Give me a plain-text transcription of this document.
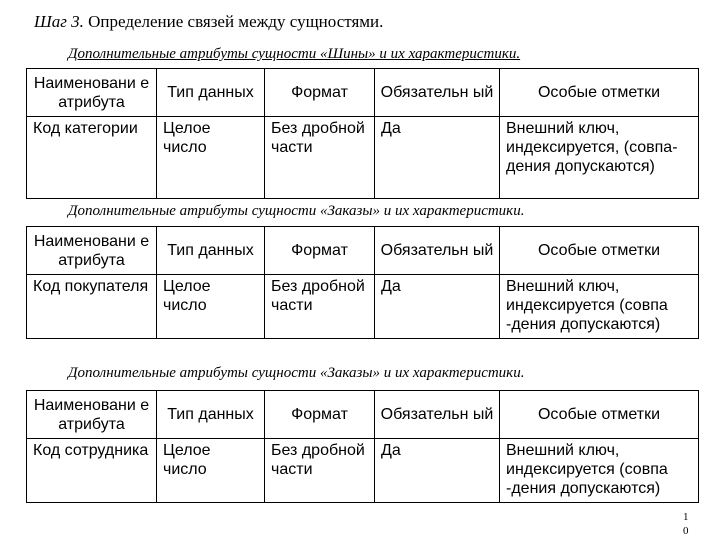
Шаг 3. Определение связей между сущностями.
Дополнительные атрибуты сущности «Шины» и их характеристики.
Наименовани е атрибута	Тип данных	Формат	Обязательн ый	Особые отметки
Код категории	Целое число	Без дробной части	Да	Внешний ключ, индексируется, (совпа-дения допускаются)
Дополнительные атрибуты сущности «Заказы» и их характеристики.
Наименовани е атрибута	Тип данных	Формат	Обязательн ый	Особые отметки
Код покупателя	Целое число	Без дробной части	Да	Внешний ключ, индексируется (совпа -дения допускаются)
Дополнительные атрибуты сущности «Заказы» и их характеристики.
Наименовани е атрибута	Тип данных	Формат	Обязательн ый	Особые отметки
Код сотрудника	Целое число	Без дробной части	Да	Внешний ключ, индексируется (совпа -дения допускаются)
1
0
